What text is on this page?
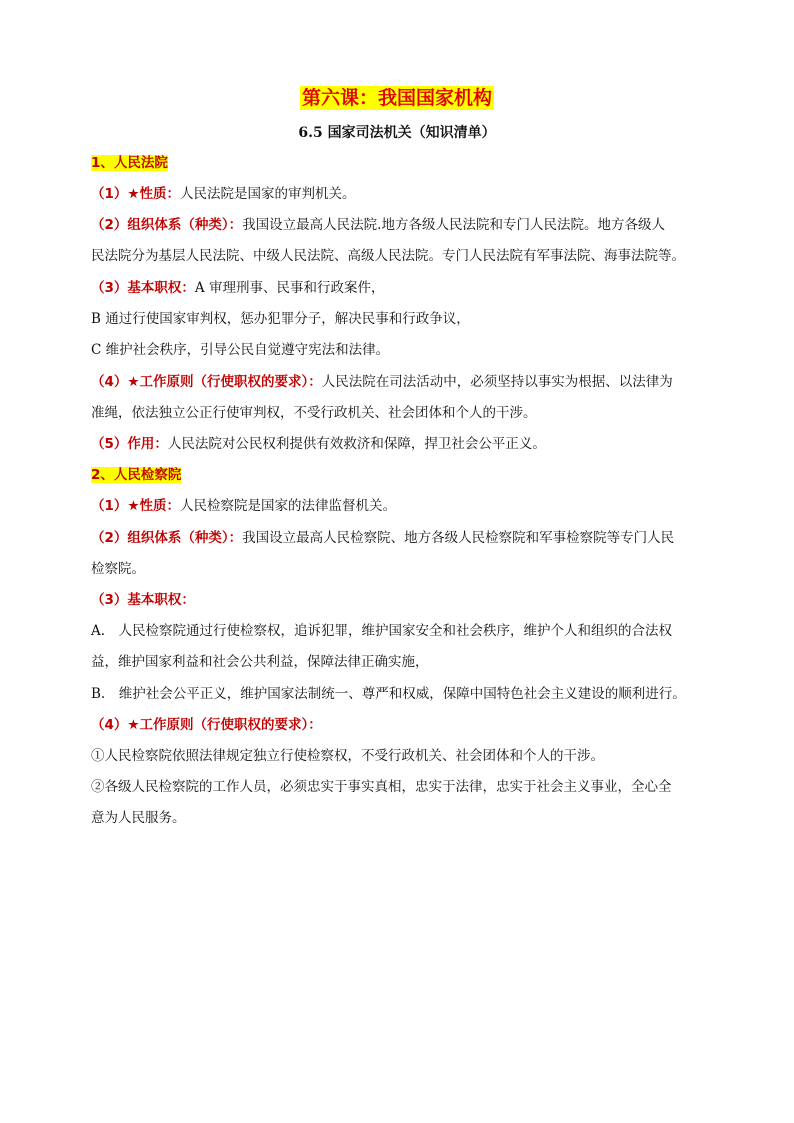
第六课：我国国家机构
6.5 国家司法机关（知识清单）
1、人民法院
（1）★性质：人民法院是国家的审判机关。
（2）组织体系（种类）：我国设立最高人民法院.地方各级人民法院和专门人民法院。地方各级人
民法院分为基层人民法院、中级人民法院、高级人民法院。专门人民法院有军事法院、海事法院等。
（3）基本职权：A 审理刑事、民事和行政案件，
B 通过行使国家审判权，惩办犯罪分子，解决民事和行政争议，
C 维护社会秩序，引导公民自觉遵守宪法和法律。
（4）★工作原则（行使职权的要求）：人民法院在司法活动中，必须坚持以事实为根据、以法律为
准绳，依法独立公正行使审判权，不受行政机关、社会团体和个人的干涉。
（5）作用：人民法院对公民权利提供有效救济和保障，捍卫社会公平正义。
2、人民检察院
（1）★性质：人民检察院是国家的法律监督机关。
（2）组织体系（种类）：我国设立最高人民检察院、地方各级人民检察院和军事检察院等专门人民
检察院。
（3）基本职权：
A.　人民检察院通过行使检察权，追诉犯罪，维护国家安全和社会秩序，维护个人和组织的合法权
益，维护国家利益和社会公共利益，保障法律正确实施，
B.　维护社会公平正义，维护国家法制统一、尊严和权威，保障中国特色社会主义建设的顺利进行。
（4）★工作原则（行使职权的要求）：
①人民检察院依照法律规定独立行使检察权，不受行政机关、社会团体和个人的干涉。
②各级人民检察院的工作人员，必须忠实于事实真相，忠实于法律，忠实于社会主义事业，全心全
意为人民服务。
